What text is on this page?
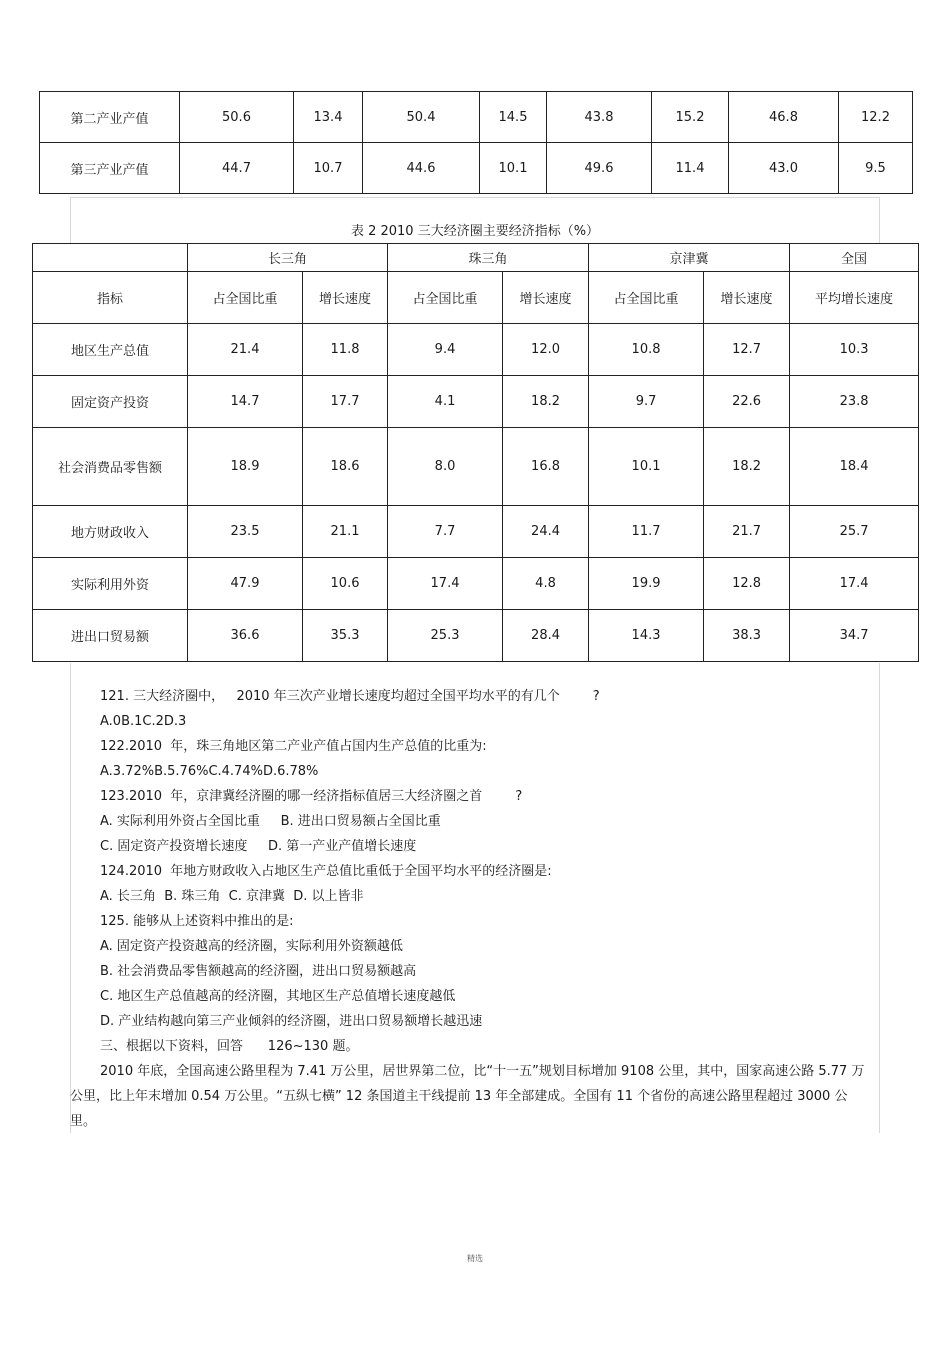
第二产业产值	50.6	13.4	50.4	14.5	43.8	15.2	46.8	12.2
第三产业产值	44.7	10.7	44.6	10.1	49.6	11.4	43.0	9.5
表 2 2010 三大经济圈主要经济指标（%）
	长三角		珠三角		京津冀		全国
指标	占全国比重	增长速度	占全国比重	增长速度	占全国比重	增长速度	平均增长速度
地区生产总值	21.4	11.8	9.4	12.0	10.8	12.7	10.3
固定资产投资	14.7	17.7	4.1	18.2	9.7	22.6	23.8
社会消费品零售额	18.9	18.6	8.0	16.8	10.1	18.2	18.4
地方财政收入	23.5	21.1	7.7	24.4	11.7	21.7	25.7
实际利用外资	47.9	10.6	17.4	4.8	19.9	12.8	17.4
进出口贸易额	36.6	35.3	25.3	28.4	14.3	38.3	34.7
121. 三大经济圈中，   2010 年三次产业增长速度均超过全国平均水平的有几个        ?
A.0B.1C.2D.3
122.2010  年，珠三角地区第二产业产值占国内生产总值的比重为:
A.3.72%B.5.76%C.4.74%D.6.78%
123.2010  年，京津冀经济圈的哪一经济指标值居三大经济圈之首        ?
A. 实际利用外资占全国比重     B. 进出口贸易额占全国比重
C. 固定资产投资增长速度     D. 第一产业产值增长速度
124.2010  年地方财政收入占地区生产总值比重低于全国平均水平的经济圈是:
A. 长三角  B. 珠三角  C. 京津冀  D. 以上皆非
125. 能够从上述资料中推出的是:
A. 固定资产投资越高的经济圈，实际利用外资额越低
B. 社会消费品零售额越高的经济圈，进出口贸易额越高
C. 地区生产总值越高的经济圈，其地区生产总值增长速度越低
D. 产业结构越向第三产业倾斜的经济圈，进出口贸易额增长越迅速
三、根据以下资料，回答      126~130 题。

2010 年底，全国高速公路里程为 7.41 万公里，居世界第二位，比“十一五”规划目标增加 9108 公里，其中，国家高速公路 5.77 万公里，比上年末增加 0.54 万公里。“五纵七横” 12 条国道主干线提前 13 年全部建成。全国有 11 个省份的高速公路里程超过 3000 公里。

精选
